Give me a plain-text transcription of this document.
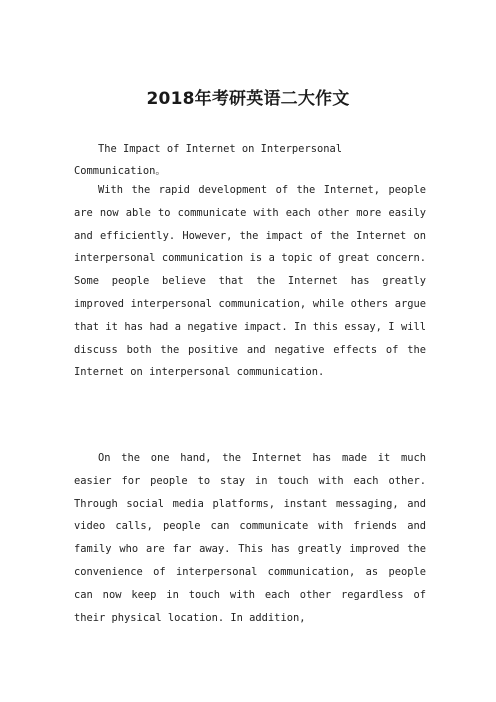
2018年考研英语二大作文

The Impact of Internet on Interpersonal Communication。

With the rapid development of the Internet, people are now able to communicate with each other more easily and efficiently. However, the impact of the Internet on interpersonal communication is a topic of great concern. Some people believe that the Internet has greatly improved interpersonal communication, while others argue that it has had a negative impact. In this essay, I will discuss both the positive and negative effects of the Internet on interpersonal communication.

On the one hand, the Internet has made it much easier for people to stay in touch with each other. Through social media platforms, instant messaging, and video calls, people can communicate with friends and family who are far away. This has greatly improved the convenience of interpersonal communication, as people can now keep in touch with each other regardless of their physical location. In addition,
